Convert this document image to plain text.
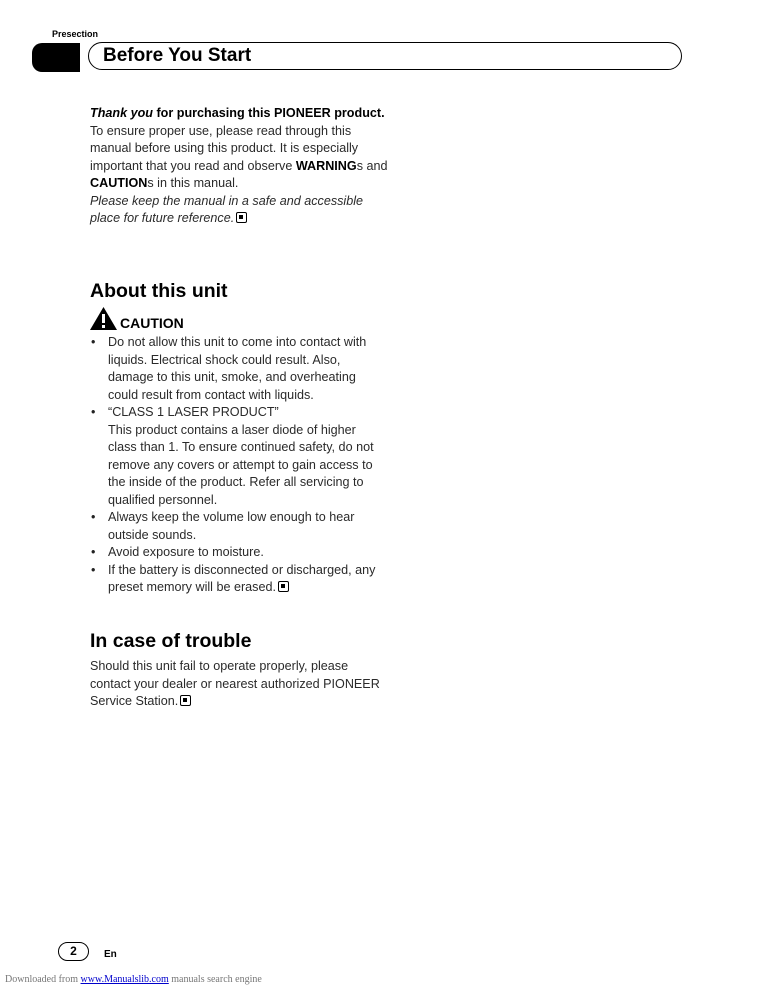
Presection
Before You Start
Thank you for purchasing this PIONEER product.
To ensure proper use, please read through this manual before using this product. It is especially important that you read and observe WARNINGs and CAUTIONs in this manual.
Please keep the manual in a safe and accessible place for future reference.
About this unit
CAUTION
• Do not allow this unit to come into contact with liquids. Electrical shock could result. Also, damage to this unit, smoke, and overheating could result from contact with liquids.
• “CLASS 1 LASER PRODUCT”
This product contains a laser diode of higher class than 1. To ensure continued safety, do not remove any covers or attempt to gain access to the inside of the product. Refer all servicing to qualified personnel.
• Always keep the volume low enough to hear outside sounds.
• Avoid exposure to moisture.
• If the battery is disconnected or discharged, any preset memory will be erased.
In case of trouble
Should this unit fail to operate properly, please contact your dealer or nearest authorized PIONEER Service Station.
2	En
Downloaded from www.Manualslib.com manuals search engine
